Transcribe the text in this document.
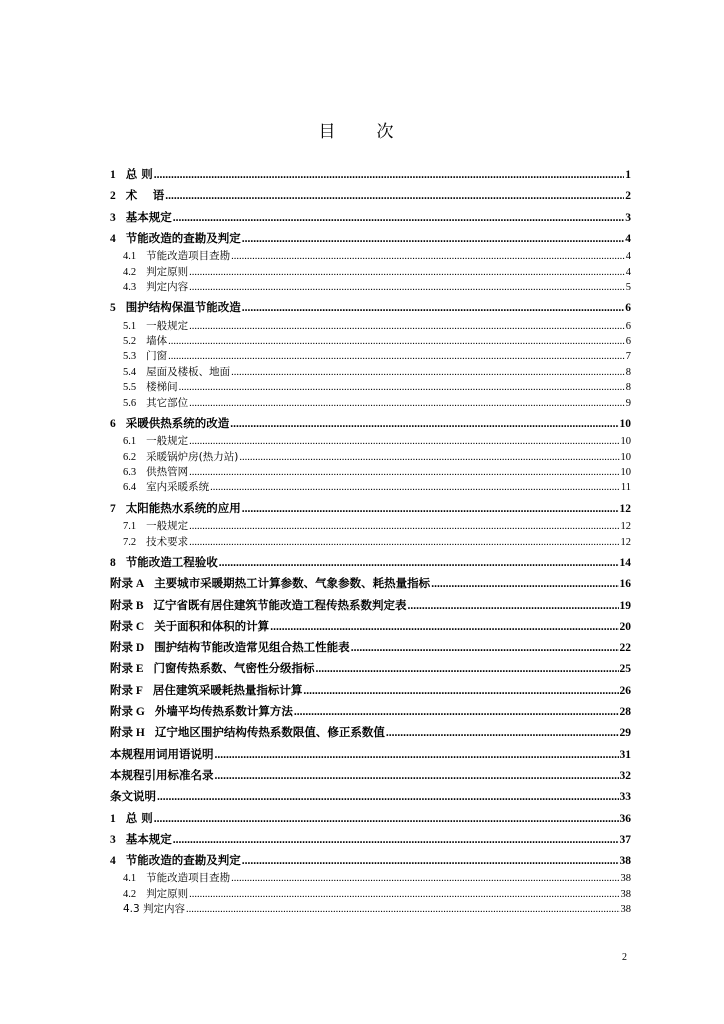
目　次
1 总 则 .....	1
2 术　 语 .....	2
3 基本规定 .....	3
4 节能改造的查勘及判定 .....	4
4.1 节能改造项目查勘 .....	4
4.2 判定原则 .....	4
4.3 判定内容 .....	5
5 围护结构保温节能改造 .....	6
5.1 一般规定 .....	6
5.2 墙体 .....	6
5.3 门窗 .....	7
5.4 屋面及楼板、地面 .....	8
5.5 楼梯间 .....	8
5.6 其它部位 .....	9
6 采暖供热系统的改造 .....	10
6.1 一般规定 .....	10
6.2 采暖锅炉房(热力站) .....	10
6.3 供热管网 .....	10
6.4 室内采暖系统 .....	11
7 太阳能热水系统的应用 .....	12
7.1 一般规定 .....	12
7.2 技术要求 .....	12
8 节能改造工程验收 .....	14
附录 A 主要城市采暖期热工计算参数、气象参数、耗热量指标 .....	16
附录 B 辽宁省既有居住建筑节能改造工程传热系数判定表 .....	19
附录 C 关于面积和体积的计算 .....	20
附录 D 围护结构节能改造常见组合热工性能表 .....	22
附录 E 门窗传热系数、气密性分级指标 .....	25
附录 F 居住建筑采暖耗热量指标计算 .....	26
附录 G 外墙平均传热系数计算方法 .....	28
附录 H 辽宁地区围护结构传热系数限值、修正系数值 .....	29
本规程用词用语说明 .....	31
本规程引用标准名录 .....	32
条文说明 .....	33
1 总 则 .....	36
3 基本规定 .....	37
4 节能改造的查勘及判定 .....	38
4.1 节能改造项目查勘 .....	38
4.2 判定原则 .....	38
4.3 判定内容 .....	38
2
